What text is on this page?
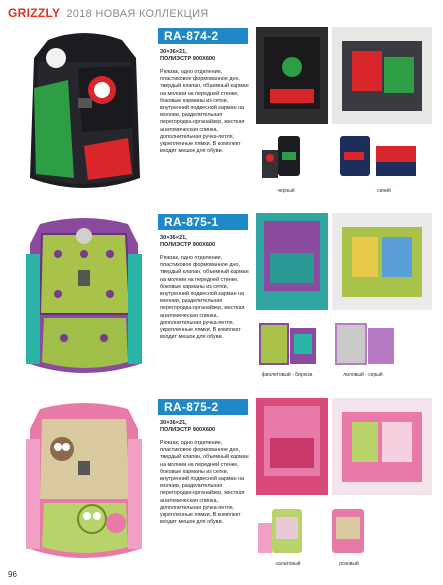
GRIZZLY 2018 НОВАЯ КОЛЛЕКЦИЯ
Football
RA-874-2
30×36×21,
ПОЛИЭСТР 900Х600
Рюкзак, одно отделение, пластиковое формованное дно, твердый клапан, объемный карман на молнии на передней стенке, боковые карманы из сетки, внутренний подвесной карман на молнии, разделительная перегородка-органайзер, жесткая анатомическая спинка, дополнительная ручка-петля, укрепленные лямки, В комплект входит мешок для обуви.
черный	синий
RA-875-1
30×36×21,
ПОЛИЭСТР 900Х600
Рюкзак, одно отделение, пластиковое формованное дно, твердый клапан, объемный карман на молнии на передней стенке, боковые карманы из сетки, внутренний подвесной карман на молнии, разделительная перегородка-органайзер, жесткая анатомическая спинка, дополнительная ручка-петля, укрепленные лямки, В комплект входит мешок для обуви.
фиолетовый - бирюза	лиловый - серый
RA-875-2
30×36×21,
ПОЛИЭСТР 900Х600
Рюкзак, одно отделение, пластиковое формованное дно, твердый клапан, объемный карман на молнии на передней стенке, боковые карманы из сетки, внутренний подвесной карман на молнии, разделительная перегородка-органайзер, жесткая анатомическая спинка, дополнительная ручка-петля, укрепленные лямки, В комплект входит мешок для обуви.
салатовый	розовый
96
